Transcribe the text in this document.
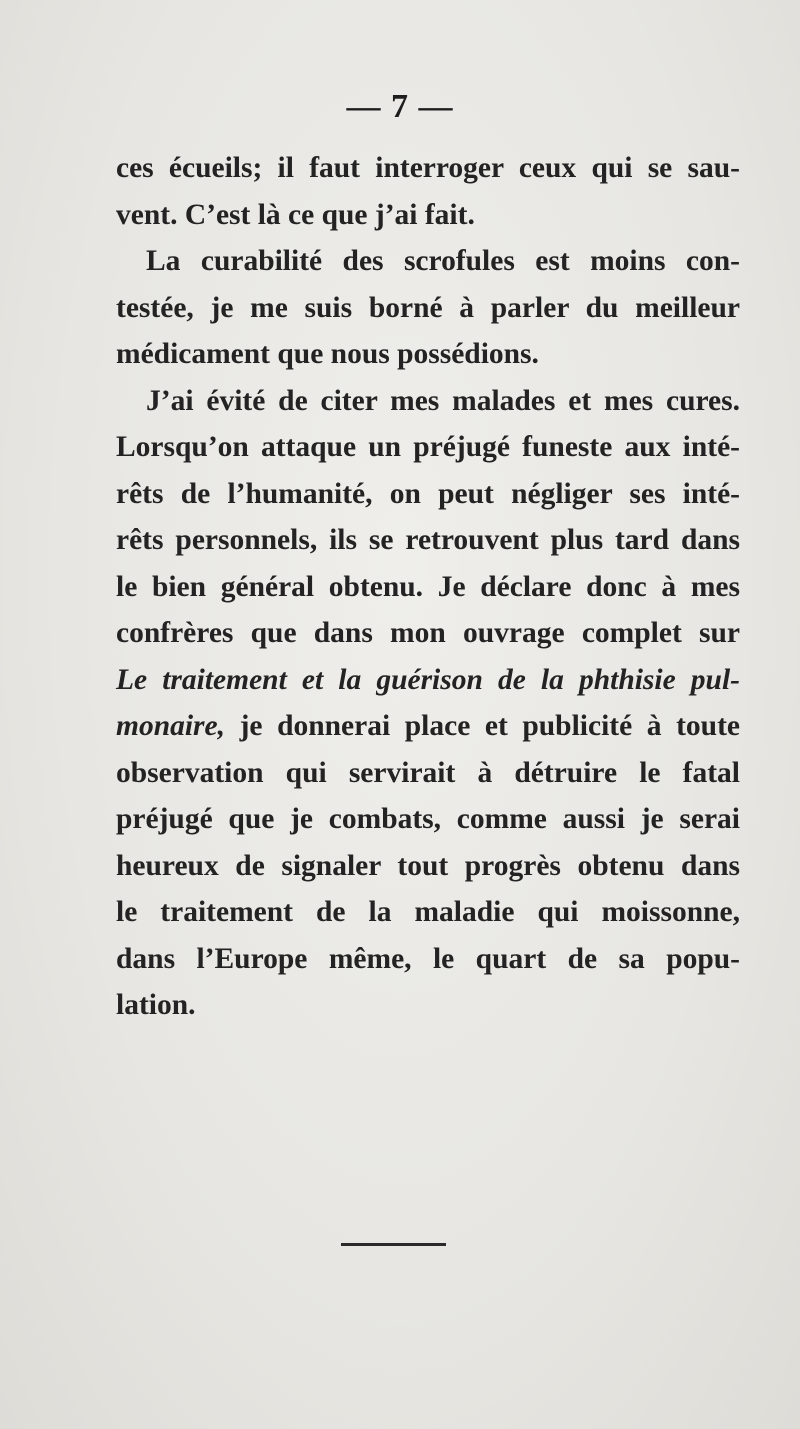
— 7 —
ces écueils; il faut interroger ceux qui se sau-
vent. C’est là ce que j’ai fait.
La curabilité des scrofules est moins con-
testée, je me suis borné à parler du meilleur
médicament que nous possédions.
J’ai évité de citer mes malades et mes cures.
Lorsqu’on attaque un préjugé funeste aux inté-
rêts de l’humanité, on peut négliger ses inté-
rêts personnels, ils se retrouvent plus tard dans
le bien général obtenu. Je déclare donc à mes
confrères que dans mon ouvrage complet sur
Le traitement et la guérison de la phthisie pul-
monaire, je donnerai place et publicité à toute
observation qui servirait à détruire le fatal
préjugé que je combats, comme aussi je serai
heureux de signaler tout progrès obtenu dans
le traitement de la maladie qui moissonne,
dans l’Europe même, le quart de sa popu-
lation.
